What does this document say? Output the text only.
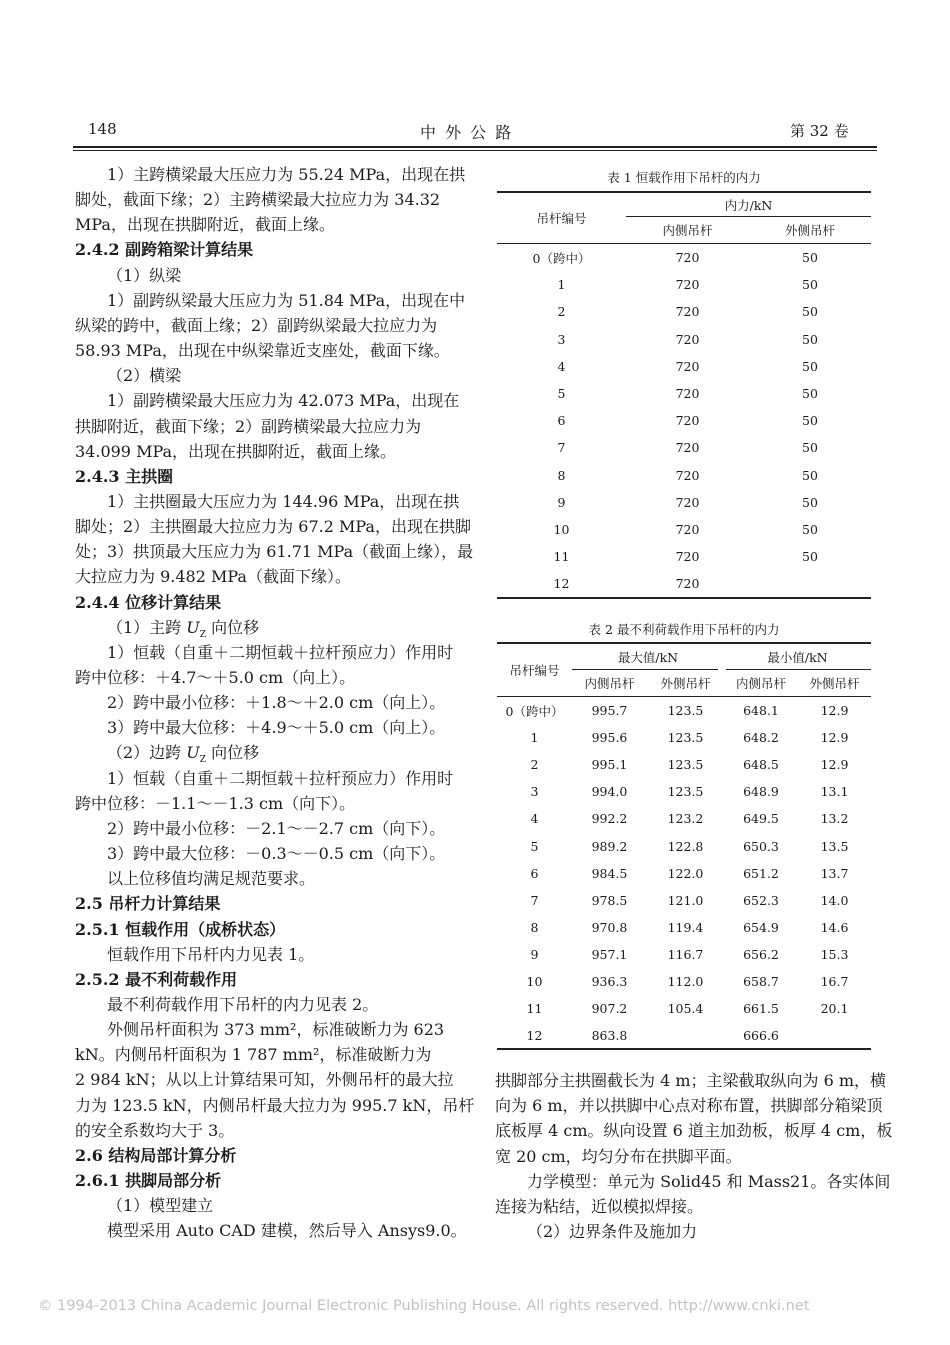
148	中 外 公 路	第 32 卷
表 1 恒载作用下吊杆的内力
吊杆编号	内力/kN	
	内侧吊杆	外侧吊杆
0（跨中）	720	50
1	720	50
2	720	50
3	720	50
4	720	50
5	720	50
6	720	50
7	720	50
8	720	50
9	720	50
10	720	50
11	720	50
12	720	
表 2 最不利荷载作用下吊杆的内力
吊杆编号	最大值/kN		最小值/kN	
	内侧吊杆	外侧吊杆	内侧吊杆	外侧吊杆
0（跨中）	995.7	123.5	648.1	12.9
1	995.6	123.5	648.2	12.9
2	995.1	123.5	648.5	12.9
3	994.0	123.5	648.9	13.1
4	992.2	123.2	649.5	13.2
5	989.2	122.8	650.3	13.5
6	984.5	122.0	651.2	13.7
7	978.5	121.0	652.3	14.0
8	970.8	119.4	654.9	14.6
9	957.1	116.7	656.2	15.3
10	936.3	112.0	658.7	16.7
11	907.2	105.4	661.5	20.1
12	863.8		666.6	
© 1994-2013 China Academic Journal Electronic Publishing House. All rights reserved. http://www.cnki.net
1）主跨横梁最大压应力为 55.24 MPa，出现在拱
脚处，截面下缘；2）主跨横梁最大拉应力为 34.32
MPa，出现在拱脚附近，截面上缘。
2.4.2 副跨箱梁计算结果
（1）纵梁
1）副跨纵梁最大压应力为 51.84 MPa，出现在中
纵梁的跨中，截面上缘；2）副跨纵梁最大拉应力为
58.93 MPa，出现在中纵梁靠近支座处，截面下缘。
（2）横梁
1）副跨横梁最大压应力为 42.073 MPa，出现在
拱脚附近，截面下缘；2）副跨横梁最大拉应力为
34.099 MPa，出现在拱脚附近，截面上缘。
2.4.3 主拱圈
1）主拱圈最大压应力为 144.96 MPa，出现在拱
脚处；2）主拱圈最大拉应力为 67.2 MPa，出现在拱脚
处；3）拱顶最大压应力为 61.71 MPa（截面上缘），最
大拉应力为 9.482 MPa（截面下缘）。
2.4.4 位移计算结果
（1）主跨 $U_Z$ 向位移
1）恒载（自重＋二期恒载＋拉杆预应力）作用时
跨中位移：＋4.7～＋5.0 cm（向上）。
2）跨中最小位移：＋1.8～＋2.0 cm（向上）。
3）跨中最大位移：＋4.9～＋5.0 cm（向上）。
（2）边跨 $U_Z$ 向位移
1）恒载（自重＋二期恒载＋拉杆预应力）作用时
跨中位移：－1.1～－1.3 cm（向下）。
2）跨中最小位移：－2.1～－2.7 cm（向下）。
3）跨中最大位移：－0.3～－0.5 cm（向下）。
以上位移值均满足规范要求。
2.5 吊杆力计算结果
2.5.1 恒载作用（成桥状态）
恒载作用下吊杆内力见表 1。
2.5.2 最不利荷载作用
最不利荷载作用下吊杆的内力见表 2。
外侧吊杆面积为 373 mm²，标准破断力为 623
kN。内侧吊杆面积为 1 787 mm²，标准破断力为
2 984 kN；从以上计算结果可知，外侧吊杆的最大拉
力为 123.5 kN，内侧吊杆最大拉力为 995.7 kN，吊杆
的安全系数均大于 3。
2.6 结构局部计算分析
2.6.1 拱脚局部分析
（1）模型建立
模型采用 Auto CAD 建模，然后导入 Ansys9.0。
拱脚部分主拱圈截长为 4 m；主梁截取纵向为 6 m，横
向为 6 m，并以拱脚中心点对称布置，拱脚部分箱梁顶
底板厚 4 cm。纵向设置 6 道主加劲板，板厚 4 cm，板
宽 20 cm，均匀分布在拱脚平面。
力学模型：单元为 Solid45 和 Mass21。各实体间
连接为粘结，近似模拟焊接。
（2）边界条件及施加力
